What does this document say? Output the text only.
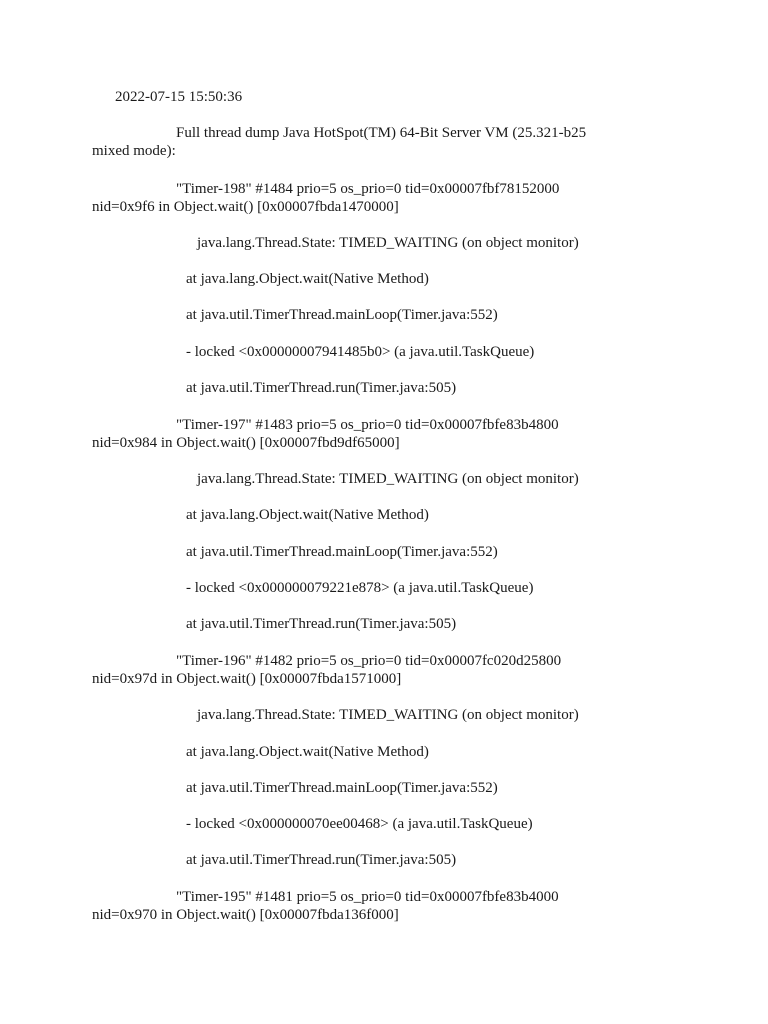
2022-07-15 15:50:36
Full thread dump Java HotSpot(TM) 64-Bit Server VM (25.321-b25
mixed mode):
"Timer-198" #1484 prio=5 os_prio=0 tid=0x00007fbf78152000
nid=0x9f6 in Object.wait() [0x00007fbda1470000]
java.lang.Thread.State: TIMED_WAITING (on object monitor)
at java.lang.Object.wait(Native Method)
at java.util.TimerThread.mainLoop(Timer.java:552)
- locked <0x00000007941485b0> (a java.util.TaskQueue)
at java.util.TimerThread.run(Timer.java:505)
"Timer-197" #1483 prio=5 os_prio=0 tid=0x00007fbfe83b4800
nid=0x984 in Object.wait() [0x00007fbd9df65000]
java.lang.Thread.State: TIMED_WAITING (on object monitor)
at java.lang.Object.wait(Native Method)
at java.util.TimerThread.mainLoop(Timer.java:552)
- locked <0x000000079221e878> (a java.util.TaskQueue)
at java.util.TimerThread.run(Timer.java:505)
"Timer-196" #1482 prio=5 os_prio=0 tid=0x00007fc020d25800
nid=0x97d in Object.wait() [0x00007fbda1571000]
java.lang.Thread.State: TIMED_WAITING (on object monitor)
at java.lang.Object.wait(Native Method)
at java.util.TimerThread.mainLoop(Timer.java:552)
- locked <0x000000070ee00468> (a java.util.TaskQueue)
at java.util.TimerThread.run(Timer.java:505)
"Timer-195" #1481 prio=5 os_prio=0 tid=0x00007fbfe83b4000
nid=0x970 in Object.wait() [0x00007fbda136f000]
